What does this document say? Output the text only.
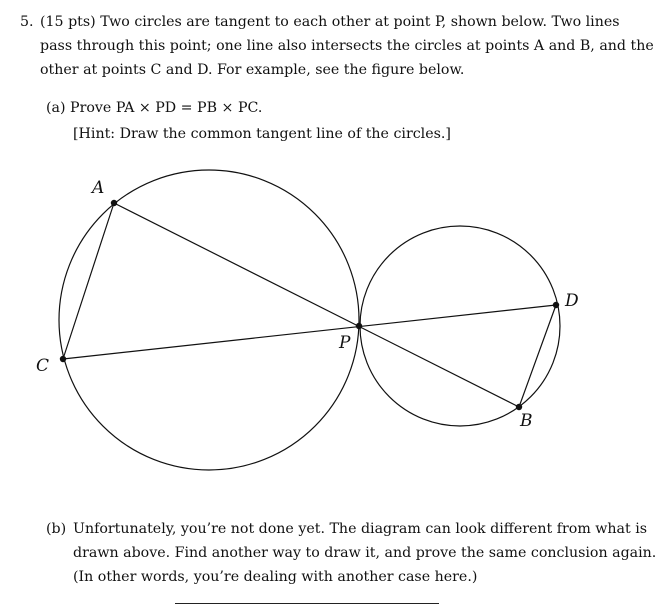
5. (15 pts) Two circles are tangent to each other at point P, shown below. Two lines
pass through this point; one line also intersects the circles at points A and B, and the
other at points C and D. For example, see the figure below.
(a) Prove PA × PD = PB × PC.
[Hint: Draw the common tangent line of the circles.]
A
C
P
D
B
(b) Unfortunately, you’re not done yet. The diagram can look different from what is
drawn above. Find another way to draw it, and prove the same conclusion again.
(In other words, you’re dealing with another case here.)
